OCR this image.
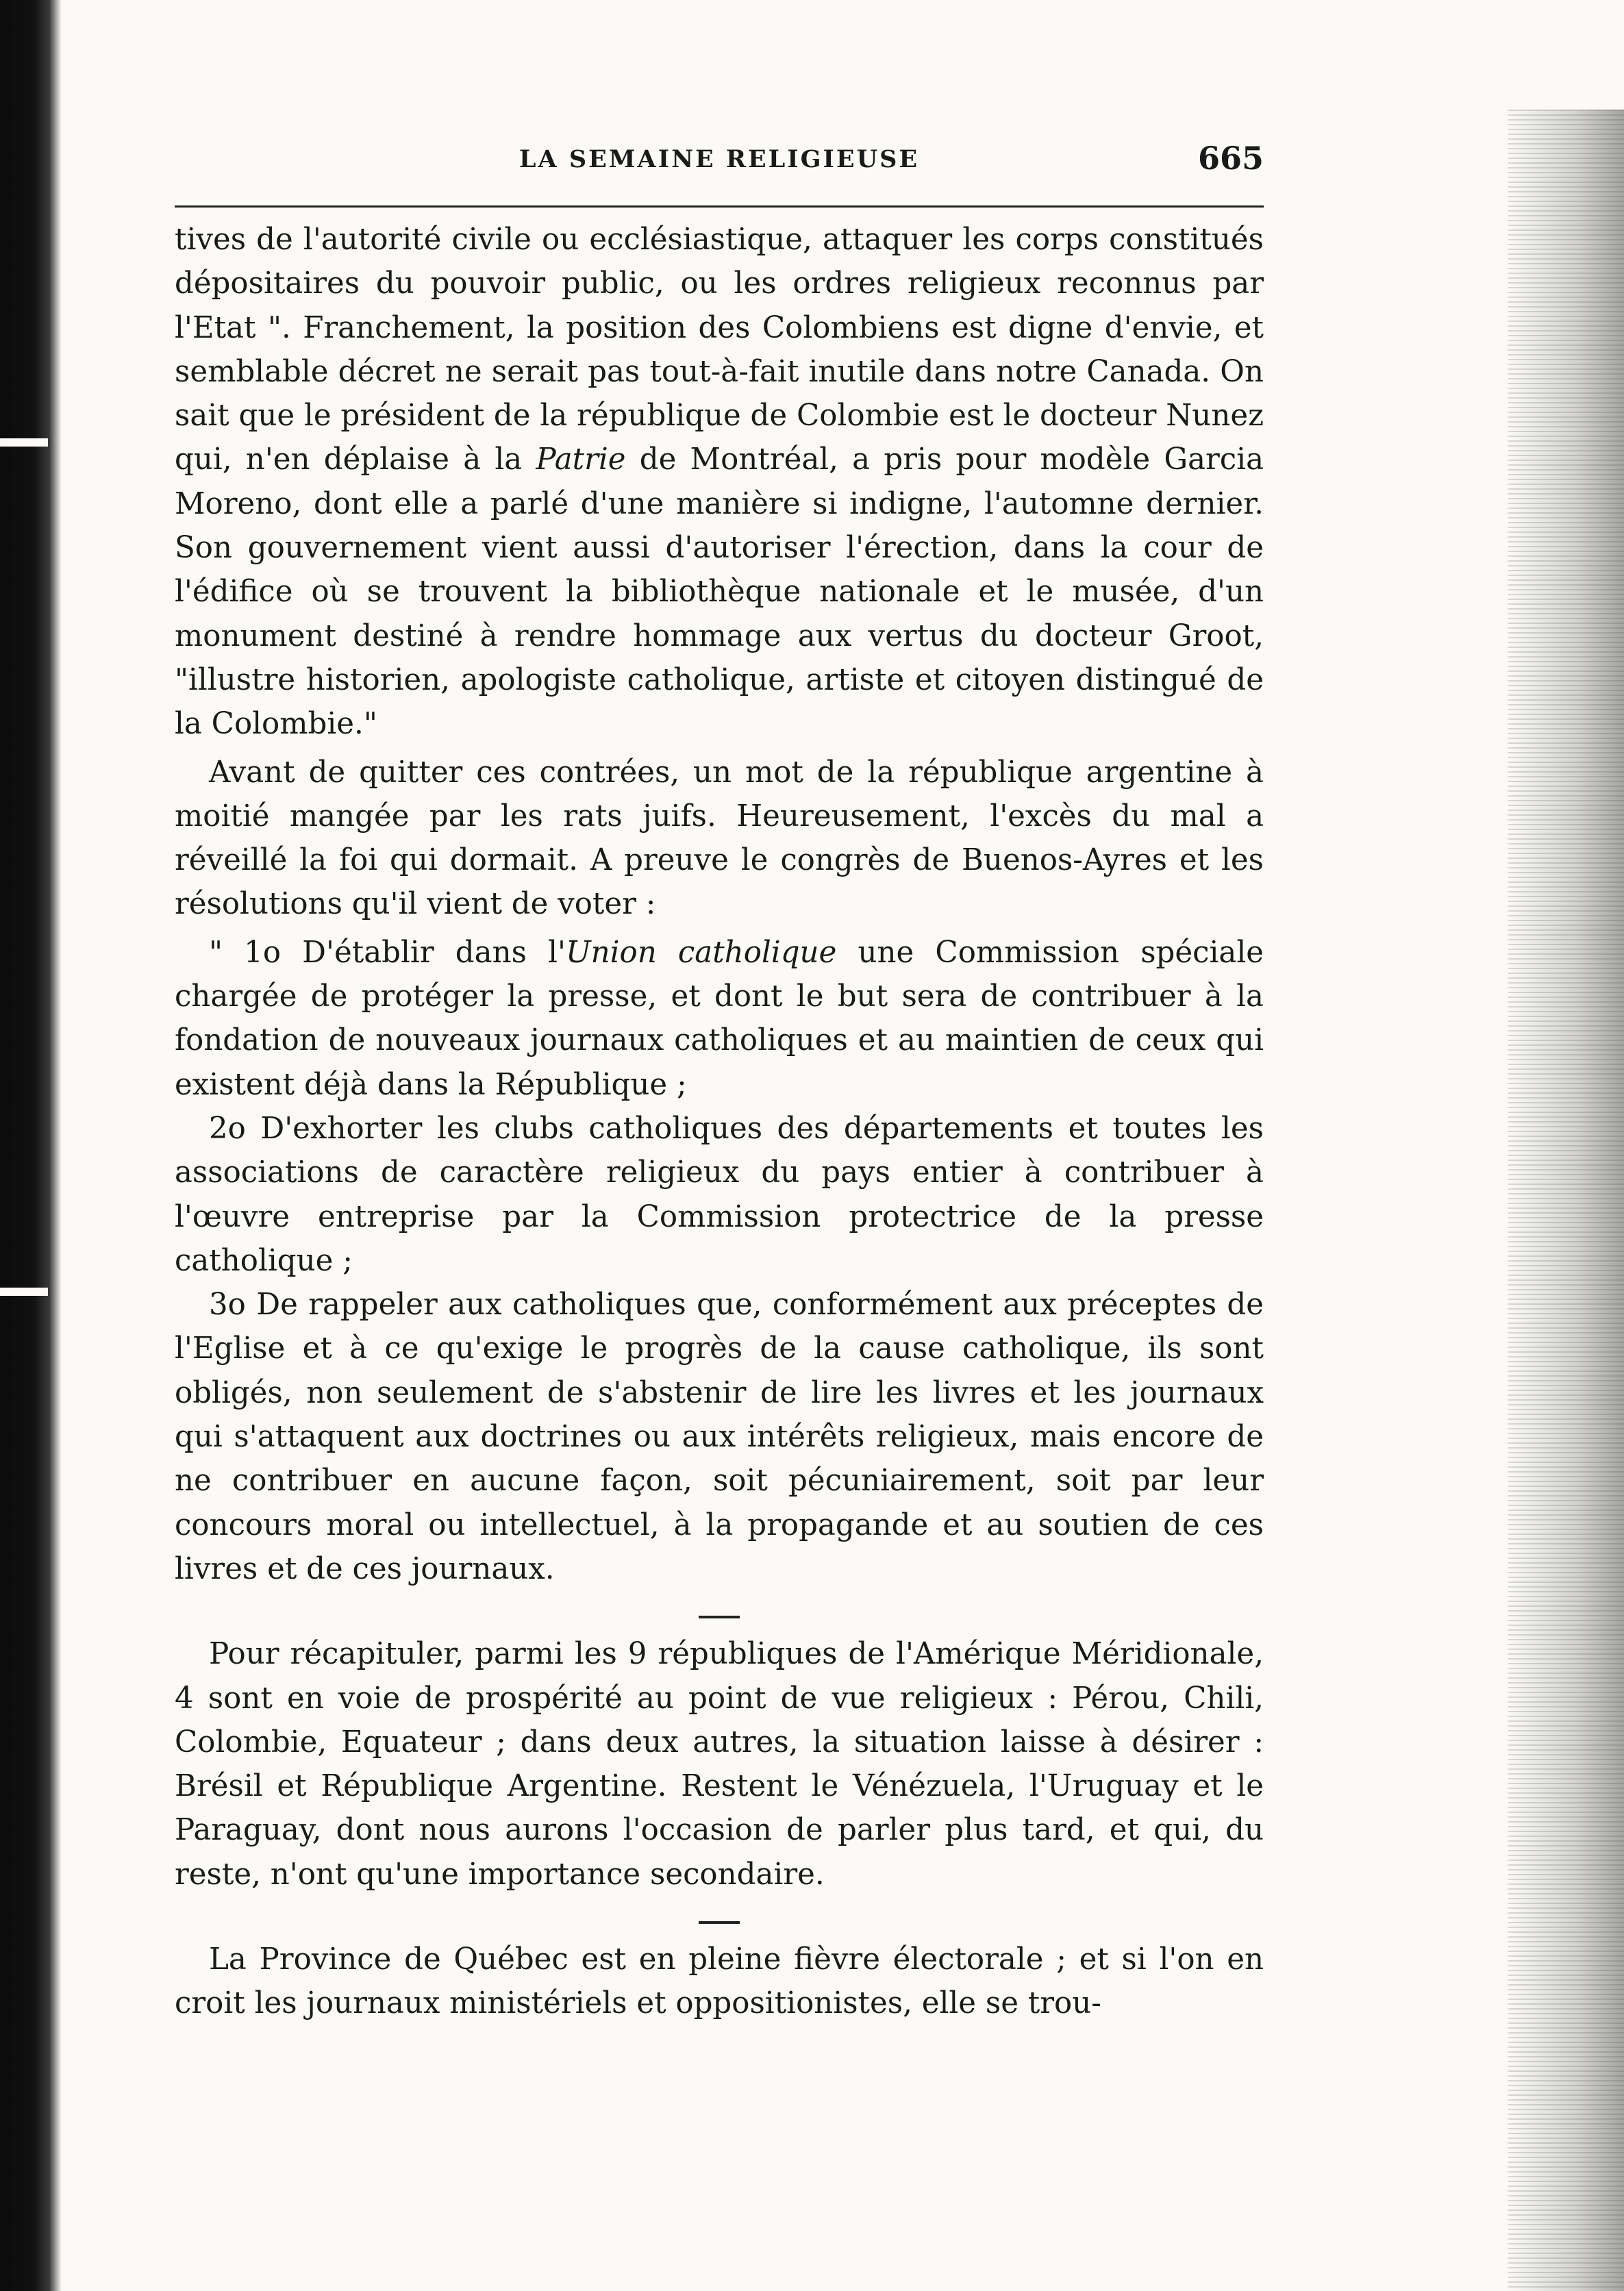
LA SEMAINE RELIGIEUSE	665

tives de l'autorité civile ou ecclésiastique, attaquer les corps constitués dépositaires du pouvoir public, ou les ordres religieux reconnus par l'Etat ". Franchement, la position des Colombiens est digne d'envie, et semblable décret ne serait pas tout-à-fait inutile dans notre Canada. On sait que le président de la république de Colombie est le docteur Nunez qui, n'en déplaise à la Patrie de Montréal, a pris pour modèle Garcia Moreno, dont elle a parlé d'une manière si indigne, l'automne dernier. Son gouvernement vient aussi d'autoriser l'érection, dans la cour de l'édifice où se trouvent la bibliothèque nationale et le musée, d'un monument destiné à rendre hommage aux vertus du docteur Groot, "illustre historien, apologiste catholique, artiste et citoyen distingué de la Colombie."

Avant de quitter ces contrées, un mot de la république argentine à moitié mangée par les rats juifs. Heureusement, l'excès du mal a réveillé la foi qui dormait. A preuve le congrès de Buenos-Ayres et les résolutions qu'il vient de voter :

" 1o D'établir dans l'Union catholique une Commission spéciale chargée de protéger la presse, et dont le but sera de contribuer à la fondation de nouveaux journaux catholiques et au maintien de ceux qui existent déjà dans la République ;

2o D'exhorter les clubs catholiques des départements et toutes les associations de caractère religieux du pays entier à contribuer à l'œuvre entreprise par la Commission protectrice de la presse catholique ;

3o De rappeler aux catholiques que, conformément aux préceptes de l'Eglise et à ce qu'exige le progrès de la cause catholique, ils sont obligés, non seulement de s'abstenir de lire les livres et les journaux qui s'attaquent aux doctrines ou aux intérêts religieux, mais encore de ne contribuer en aucune façon, soit pécuniairement, soit par leur concours moral ou intellectuel, à la propagande et au soutien de ces livres et de ces journaux.

Pour récapituler, parmi les 9 républiques de l'Amérique Méridionale, 4 sont en voie de prospérité au point de vue religieux : Pérou, Chili, Colombie, Equateur ; dans deux autres, la situation laisse à désirer : Brésil et République Argentine. Restent le Vénézuela, l'Uruguay et le Paraguay, dont nous aurons l'occasion de parler plus tard, et qui, du reste, n'ont qu'une importance secondaire.

La Province de Québec est en pleine fièvre électorale ; et si l'on en croit les journaux ministériels et oppositionistes, elle se trou-
